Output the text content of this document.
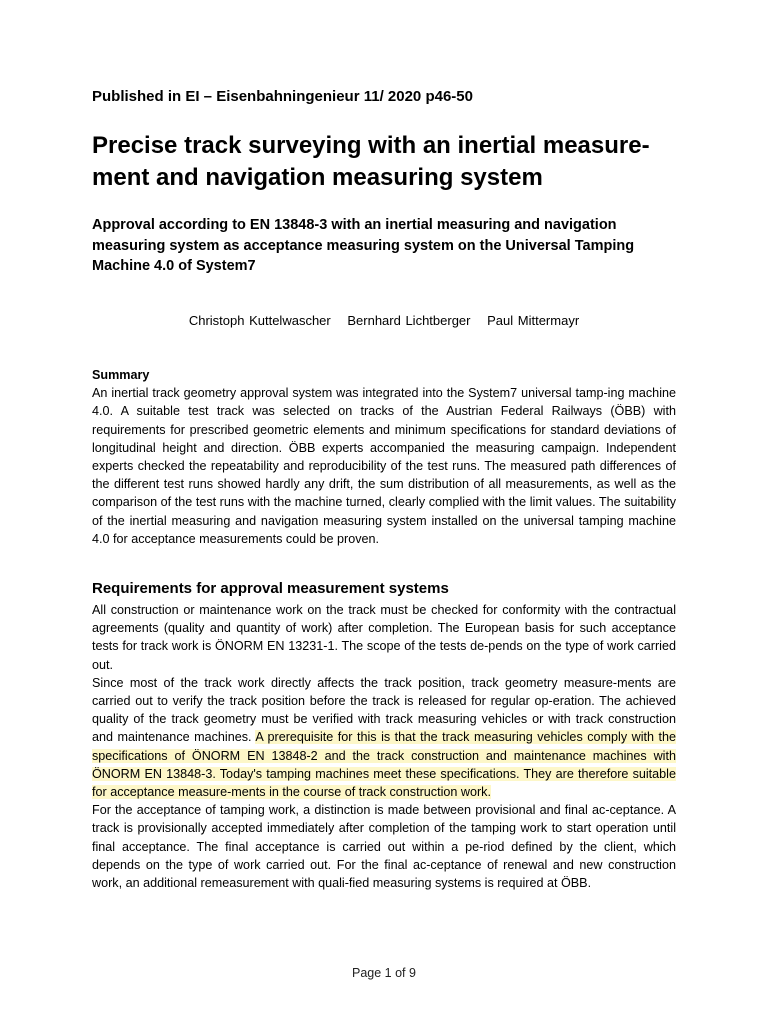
Published in EI – Eisenbahningenieur 11/ 2020 p46-50
Precise track surveying with an inertial measure-ment and navigation measuring system
Approval according to EN 13848-3 with an inertial measuring and navigation measuring system as acceptance measuring system on the Universal Tamping Machine 4.0 of System7
Christoph Kuttelwascher Bernhard Lichtberger Paul Mittermayr
Summary

An inertial track geometry approval system was integrated into the System7 universal tamp-ing machine 4.0. A suitable test track was selected on tracks of the Austrian Federal Railways (ÖBB) with requirements for prescribed geometric elements and minimum specifications for standard deviations of longitudinal height and direction. ÖBB experts accompanied the measuring campaign. Independent experts checked the repeatability and reproducibility of the test runs. The measured path differences of the different test runs showed hardly any drift, the sum distribution of all measurements, as well as the comparison of the test runs with the machine turned, clearly complied with the limit values. The suitability of the inertial measuring and navigation measuring system installed on the universal tamping machine 4.0 for acceptance measurements could be proven.

Requirements for approval measurement systems

All construction or maintenance work on the track must be checked for conformity with the contractual agreements (quality and quantity of work) after completion. The European basis for such acceptance tests for track work is ÖNORM EN 13231-1. The scope of the tests de-pends on the type of work carried out.

Since most of the track work directly affects the track position, track geometry measure-ments are carried out to verify the track position before the track is released for regular op-eration. The achieved quality of the track geometry must be verified with track measuring vehicles or with track construction and maintenance machines. A prerequisite for this is that the track measuring vehicles comply with the specifications of ÖNORM EN 13848-2 and the track construction and maintenance machines with ÖNORM EN 13848-3. Today's tamping machines meet these specifications. They are therefore suitable for acceptance measure-ments in the course of track construction work.

For the acceptance of tamping work, a distinction is made between provisional and final ac-ceptance. A track is provisionally accepted immediately after completion of the tamping work to start operation until final acceptance. The final acceptance is carried out within a pe-riod defined by the client, which depends on the type of work carried out. For the final ac-ceptance of renewal and new construction work, an additional remeasurement with quali-fied measuring systems is required at ÖBB.

Page 1 of 9
